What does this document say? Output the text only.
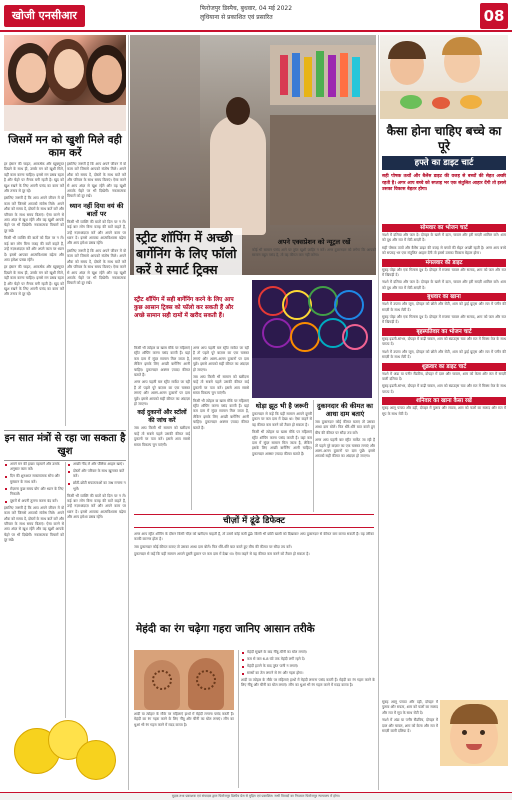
खोजी एनसीआर
फिरोजपुर डिस्पैच, बुधवार, 04 मई 2022
लुधियाना से प्रकाशित एवं प्रसारित	08
जिसमें मन को खुशी मिले वही काम करें

हर इंसान की चाहत, आकर्षक और खूबसूरत दिखने के साथ ही, उसके मन को खुशी मिले, वहीं काम करना चाहिए। इससे मन प्रसन्न रहता है और चेहरे पर रौनक बनी रहती है। खुद को खुश रखने के लिए अपनी पसंद का काम करें और तनाव से दूर रहें।

इसलिए जरूरी है कि आप अपने जीवन में वो काम करें जिससे आपको संतोष मिले। अपने शौक को समय दें, दोस्तों के साथ बातें करें और परिवार के साथ समय बिताएं। ऐसा करने से आप अंदर से खुश रहेंगे और यह खुशी आपके चेहरे पर भी दिखेगी। नकारात्मक विचारों को दूर रखें।

किसी भी व्यक्ति की बातों को दिल पर न लें। कई बार लोग बिना वजह की बातें कहते हैं, उन्हें नज़रअंदाज़ करें और अपने काम पर ध्यान दें। इससे आपका आत्मविश्वास बढ़ेगा और आप हमेशा प्रसन्न रहेंगे।

हर इंसान की चाहत, आकर्षक और खूबसूरत दिखने के साथ ही, उसके मन को खुशी मिले, वहीं काम करना चाहिए। इससे मन प्रसन्न रहता है और चेहरे पर रौनक बनी रहती है। खुद को खुश रखने के लिए अपनी पसंद का काम करें और तनाव से दूर रहें।

इसलिए जरूरी है कि आप अपने जीवन में वो काम करें जिससे आपको संतोष मिले। अपने शौक को समय दें, दोस्तों के साथ बातें करें और परिवार के साथ समय बिताएं। ऐसा करने से आप अंदर से खुश रहेंगे और यह खुशी आपके चेहरे पर भी दिखेगी। नकारात्मक विचारों को दूर रखें।

ध्यान नहीं दिया वयं की बातों पर

किसी भी व्यक्ति की बातों को दिल पर न लें। कई बार लोग बिना वजह की बातें कहते हैं, उन्हें नज़रअंदाज़ करें और अपने काम पर ध्यान दें। इससे आपका आत्मविश्वास बढ़ेगा और आप हमेशा प्रसन्न रहेंगे।

इसलिए जरूरी है कि आप अपने जीवन में वो काम करें जिससे आपको संतोष मिले। अपने शौक को समय दें, दोस्तों के साथ बातें करें और परिवार के साथ समय बिताएं। ऐसा करने से आप अंदर से खुश रहेंगे और यह खुशी आपके चेहरे पर भी दिखेगी। नकारात्मक विचारों को दूर रखें।

इन सात मंत्रों से रहा जा सकता है खुश
अपने मन की इच्छा पहचानें और उसके अनुसार काम करें।
दिन की शुरुआत सकारात्मक सोच और मुस्कान के साथ करें।
रोज़ाना कुछ समय योग और ध्यान के लिए निकालें।
दूसरों से अपनी तुलना करना बंद करें।

इसलिए जरूरी है कि आप अपने जीवन में वो काम करें जिससे आपको संतोष मिले। अपने शौक को समय दें, दोस्तों के साथ बातें करें और परिवार के साथ समय बिताएं। ऐसा करने से आप अंदर से खुश रहेंगे और यह खुशी आपके चेहरे पर भी दिखेगी। नकारात्मक विचारों को दूर रखें।

अच्छी नींद लें और पौष्टिक आहार खाएं।
दोस्तों और परिवार के साथ खुलकर बातें करें।
छोटी-छोटी सफलताओं का जश्न मनाना न भूलें।

किसी भी व्यक्ति की बातों को दिल पर न लें। कई बार लोग बिना वजह की बातें कहते हैं, उन्हें नज़रअंदाज़ करें और अपने काम पर ध्यान दें। इससे आपका आत्मविश्वास बढ़ेगा और आप हमेशा प्रसन्न रहेंगे।

स्ट्रीट शॉपिंग में अच्छी बार्गेनिंग के लिए फॉलो करें ये स्मार्ट ट्रिक्स
स्ट्रीट शॉपिंग में सही बार्गेनिंग करने के लिए आप कुछ आसान ट्रिक्स को फॉलो कर सकती हैं और अच्छे सामान सही दामों में खरीद सकती हैं।
अपने एक्सप्रेशन को न्यूट्रल रखें

कोई भी सामान पसंद आने पर तुरंत खुशी ज़ाहिर न करें। अगर दुकानदार को लगेगा कि आपको सामान बहुत पसंद है, तो वह कीमत कम नहीं करेगा।

किसी भी त्योहार या खास मौके पर महिलाएं स्ट्रीट शॉपिंग करना पसंद करती हैं। यहां कम दाम में सुंदर सामान मिल जाता है, लेकिन इसके लिए अच्छी बार्गेनिंग आनी चाहिए। दुकानदार अक्सर ज़्यादा कीमत बताते हैं।

अगर आप पहली बार स्ट्रीट मार्केट जा रही हैं तो पहले पूरे बाज़ार का एक चक्कर लगाएं और अलग-अलग दुकानों पर दाम पूछें। इससे आपको सही कीमत का अंदाज़ा हो जाएगा।

कई दुकानों और स्टॉलों की जांच करें

जब आप किसी भी सामान को खरीदना चाहें तो सबसे पहले उसकी कीमत कई दुकानों पर पता करें। इससे आप सबसे सस्ता विकल्प चुन पाएंगी।

अगर आप पहली बार स्ट्रीट मार्केट जा रही हैं तो पहले पूरे बाज़ार का एक चक्कर लगाएं और अलग-अलग दुकानों पर दाम पूछें। इससे आपको सही कीमत का अंदाज़ा हो जाएगा।

जब आप किसी भी सामान को खरीदना चाहें तो सबसे पहले उसकी कीमत कई दुकानों पर पता करें। इससे आप सबसे सस्ता विकल्प चुन पाएंगी।

किसी भी त्योहार या खास मौके पर महिलाएं स्ट्रीट शॉपिंग करना पसंद करती हैं। यहां कम दाम में सुंदर सामान मिल जाता है, लेकिन इसके लिए अच्छी बार्गेनिंग आनी चाहिए। दुकानदार अक्सर ज़्यादा कीमत बताते हैं।

थोड़ा झूठ भी है जरूरी

दुकानदार से कहें कि यही सामान आपने दूसरी दुकान पर कम दाम में देखा था। ऐसा कहने से वह कीमत कम करने को तैयार हो सकता है।

किसी भी त्योहार या खास मौके पर महिलाएं स्ट्रीट शॉपिंग करना पसंद करती हैं। यहां कम दाम में सुंदर सामान मिल जाता है, लेकिन इसके लिए अच्छी बार्गेनिंग आनी चाहिए। दुकानदार अक्सर ज़्यादा कीमत बताते हैं।

दुकानदार की कीमत का आधा दाम बताएं

जब दुकानदार कोई कीमत बताए तो उसका आधा दाम बोलें। फिर धीरे-धीरे बात करते हुए बीच की कीमत पर सौदा तय करें।

अगर आप पहली बार स्ट्रीट मार्केट जा रही हैं तो पहले पूरे बाज़ार का एक चक्कर लगाएं और अलग-अलग दुकानों पर दाम पूछें। इससे आपको सही कीमत का अंदाज़ा हो जाएगा।

चीज़ों में ढूंढे डिफेक्ट

अगर आप स्ट्रीट शॉपिंग के दौरान किसी चीज़ को खरीदना चाहती हैं, तो उसमें कोई कमी ढूंढें। किसी भी छोटी खामी को दिखाकर आप दुकानदार से कीमत कम करवा सकती हैं। यह तरीका काफी कारगर होता है।

जब दुकानदार कोई कीमत बताए तो उसका आधा दाम बोलें। फिर धीरे-धीरे बात करते हुए बीच की कीमत पर सौदा तय करें।

दुकानदार से कहें कि यही सामान आपने दूसरी दुकान पर कम दाम में देखा था। ऐसा कहने से वह कीमत कम करने को तैयार हो सकता है।

मेहंदी का रंग चढ़ेगा गहरा जानिए आसान तरीके

शादी या त्योहार के मौके पर महिलाएं हाथों में मेहंदी लगाना पसंद करती हैं। मेहंदी का रंग गहरा करने के लिए नींबू और चीनी का घोल लगाएं। लौंग का धुआं भी रंग गहरा करने में मदद करता है।

मेहंदी सूखने के बाद नींबू-चीनी का घोल लगाएं।
कम से कम 6-8 घंटे तक मेहंदी लगी रहने दें।
मेहंदी हटाने के बाद तुरंत पानी न लगाएं।
सरसों का तेल लगाने से रंग और गहरा होगा।

शादी या त्योहार के मौके पर महिलाएं हाथों में मेहंदी लगाना पसंद करती हैं। मेहंदी का रंग गहरा करने के लिए नींबू और चीनी का घोल लगाएं। लौंग का धुआं भी रंग गहरा करने में मदद करता है।

कैसा होना चाहिए बच्चे का पूरे
हफ्ते का डाइट चार्ट
सही पोषक तत्वों और बैलेंस डाइट की वजह से बच्चों की सेहत अच्छी रहती है। अगर आप बच्चे को सप्ताह भर एक संतुलित आहार देंगी तो इससे उसका विकास बेहतर होगा।
सोमवार का भोजन चार्ट

नाश्ते में दलिया और फल दें। दोपहर के खाने में दाल, चावल और हरी सब्ज़ी शामिल करें। शाम को दूध और रात में रोटी-सब्ज़ी दें।

सही पोषक तत्वों और बैलेंस डाइट की वजह से बच्चों की सेहत अच्छी रहती है। अगर आप बच्चे को सप्ताह भर एक संतुलित आहार देंगी तो इससे उसका विकास बेहतर होगा।

मंगलवार की डाइट

सुबह पोहा और एक गिलास दूध दें। दोपहर में राजमा चावल और सलाद, शाम को फल और रात में खिचड़ी दें।

नाश्ते में दलिया और फल दें। दोपहर के खाने में दाल, चावल और हरी सब्ज़ी शामिल करें। शाम को दूध और रात में रोटी-सब्ज़ी दें।

बुधवार का खाना

नाश्ते में उपमा और जूस, दोपहर को छोले और रोटी, शाम को ड्राई फ्रूट्स और रात में पनीर की सब्ज़ी के साथ रोटी दें।

सुबह पोहा और एक गिलास दूध दें। दोपहर में राजमा चावल और सलाद, शाम को फल और रात में खिचड़ी दें।

बृहस्पतिवार का भोजन चार्ट

सुबह इडली-सांभर, दोपहर में कढ़ी चावल, शाम को स्प्राउट्स चाट और रात में मिक्स वेज के साथ पराठा दें।

नाश्ते में उपमा और जूस, दोपहर को छोले और रोटी, शाम को ड्राई फ्रूट्स और रात में पनीर की सब्ज़ी के साथ रोटी दें।

शुक्रवार का डाइट चार्ट

नाश्ते में अंडा या पनीर सैंडविच, दोपहर में दाल और चावल, शाम को केला और रात में सब्ज़ी वाली दलिया दें।

सुबह इडली-सांभर, दोपहर में कढ़ी चावल, शाम को स्प्राउट्स चाट और रात में मिक्स वेज के साथ पराठा दें।

शनिवार का खाना कैसा रखें

सुबह आलू पराठा और दही, दोपहर में पुलाव और रायता, शाम को फलों का सलाद और रात में सूप के साथ रोटी दें।

सुबह आलू पराठा और दही, दोपहर में पुलाव और रायता, शाम को फलों का सलाद और रात में सूप के साथ रोटी दें।

नाश्ते में अंडा या पनीर सैंडविच, दोपहर में दाल और चावल, शाम को केला और रात में सब्ज़ी वाली दलिया दें।

मुद्रक तथा प्रकाशक एवं संपादक द्वारा फिरोजपुर डिस्पैच प्रेस से मुद्रित एवं प्रकाशित। सभी विवादों का निपटारा फिरोजपुर न्यायालय में होगा।
